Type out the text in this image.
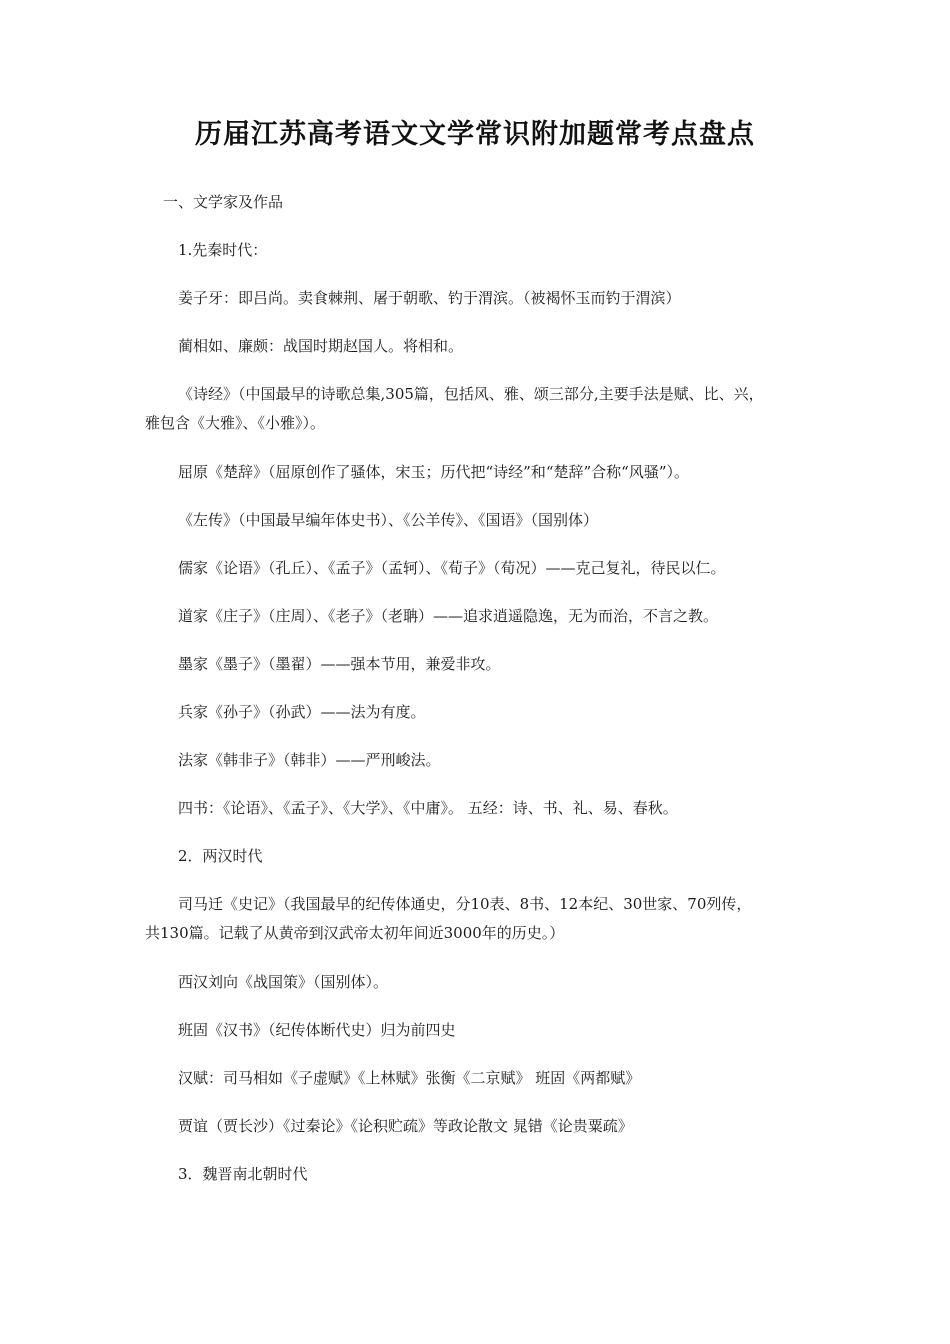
历届江苏高考语文文学常识附加题常考点盘点
一、文学家及作品
1.先秦时代：
姜子牙：即吕尚。卖食棘荆、屠于朝歌、钓于渭滨。（被褐怀玉而钓于渭滨）
蔺相如、廉颇：战国时期赵国人。将相和。
《诗经》（中国最早的诗歌总集,305篇，包括风、雅、颂三部分,主要手法是赋、比、兴，
雅包含《大雅》、《小雅》）。
屈原《楚辞》（屈原创作了骚体，宋玉；历代把“诗经”和“楚辞”合称“风骚”）。
《左传》（中国最早编年体史书）、《公羊传》、《国语》（国别体）
儒家《论语》（孔丘）、《孟子》（孟轲）、《荀子》（荀况）——克己复礼，待民以仁。
道家《庄子》（庄周）、《老子》（老聃）——追求逍遥隐逸，无为而治，不言之教。
墨家《墨子》（墨翟）——强本节用，兼爱非攻。
兵家《孙子》（孙武）——法为有度。
法家《韩非子》（韩非）——严刑峻法。
四书：《论语》、《孟子》、《大学》、《中庸》。 五经：诗、书、礼、易、春秋。
2．两汉时代
司马迁《史记》（我国最早的纪传体通史，分10表、8书、12本纪、30世家、70列传，
共130篇。记载了从黄帝到汉武帝太初年间近3000年的历史。）
西汉刘向《战国策》（国别体）。
班固《汉书》（纪传体断代史）归为前四史
汉赋：司马相如《子虚赋》《上林赋》张衡《二京赋》 班固《两都赋》
贾谊（贾长沙）《过秦论》《论积贮疏》等政论散文 晁错《论贵粟疏》
3．魏晋南北朝时代
